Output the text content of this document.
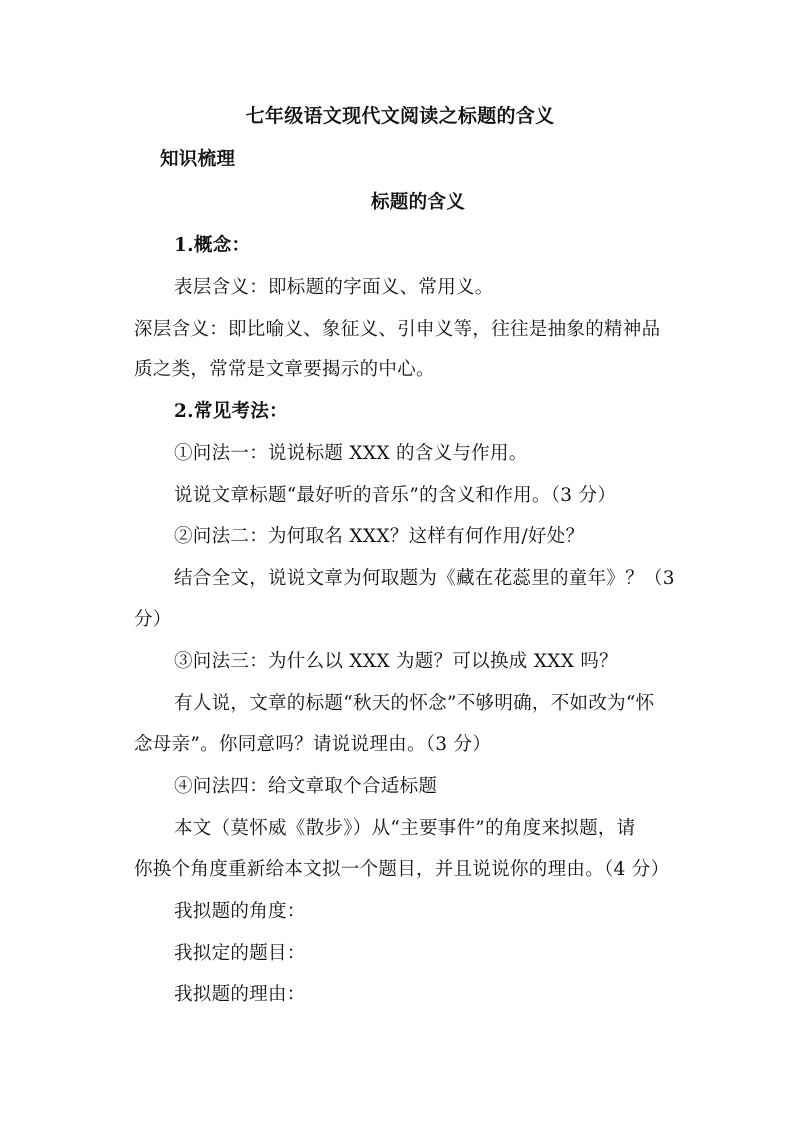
七年级语文现代文阅读之标题的含义
知识梳理
标题的含义
1.概念：
表层含义：即标题的字面义、常用义。
深层含义：即比喻义、象征义、引申义等，往往是抽象的精神品
质之类，常常是文章要揭示的中心。
2.常见考法：
①问法一：说说标题 XXX 的含义与作用。
说说文章标题“最好听的音乐”的含义和作用。（3 分）
②问法二：为何取名 XXX？这样有何作用/好处？
结合全文，说说文章为何取题为《藏在花蕊里的童年》？（3
分）
③问法三：为什么以 XXX 为题？可以换成 XXX 吗？
有人说，文章的标题“秋天的怀念”不够明确，不如改为“怀
念母亲”。你同意吗？请说说理由。（3 分）
④问法四：给文章取个合适标题
本文（莫怀威《散步》）从“主要事件”的角度来拟题，请
你换个角度重新给本文拟一个题目，并且说说你的理由。（4 分）
我拟题的角度：
我拟定的题目：
我拟题的理由：
